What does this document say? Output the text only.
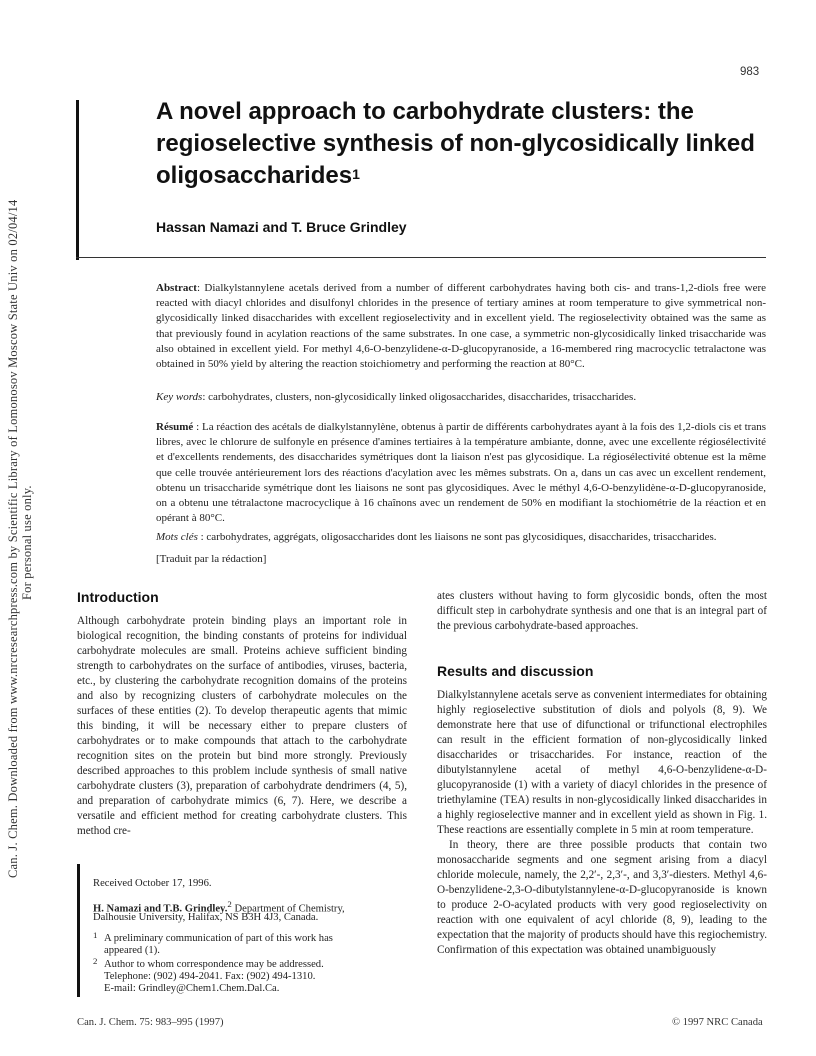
Can. J. Chem. Downloaded from www.nrcresearchpress.com by Scientific Library of Lomonosov Moscow State Univ on 02/04/14 For personal use only.
983
A novel approach to carbohydrate clusters: the regioselective synthesis of non-glycosidically linked oligosaccharides$^1$
Hassan Namazi and T. Bruce Grindley
Abstract: Dialkylstannylene acetals derived from a number of different carbohydrates having both cis- and trans-1,2-diols free were reacted with diacyl chlorides and disulfonyl chlorides in the presence of tertiary amines at room temperature to give symmetrical non-glycosidically linked disaccharides with excellent regioselectivity and in excellent yield. The regioselectivity obtained was the same as that previously found in acylation reactions of the same substrates. In one case, a symmetric non-glycosidically linked trisaccharide was also obtained in excellent yield. For methyl 4,6-O-benzylidene-α-D-glucopyranoside, a 16-membered ring macrocyclic tetralactone was obtained in 50% yield by altering the reaction stoichiometry and performing the reaction at 80°C.
Key words: carbohydrates, clusters, non-glycosidically linked oligosaccharides, disaccharides, trisaccharides.
Résumé : La réaction des acétals de dialkylstannylène, obtenus à partir de différents carbohydrates ayant à la fois des 1,2-diols cis et trans libres, avec le chlorure de sulfonyle en présence d'amines tertiaires à la température ambiante, donne, avec une excellente régiosélectivité et d'excellents rendements, des disaccharides symétriques dont la liaison n'est pas glycosidique. La régiosélectivité obtenue est la même que celle trouvée antérieurement lors des réactions d'acylation avec les mêmes substrats. On a, dans un cas avec un excellent rendement, obtenu un trisaccharide symétrique dont les liaisons ne sont pas glycosidiques. Avec le méthyl 4,6-O-benzylidène-α-D-glucopyranoside, on a obtenu une tétralactone macrocyclique à 16 chaînons avec un rendement de 50% en modifiant la stochiométrie de la réaction et en opérant à 80°C.
Mots clés : carbohydrates, aggrégats, oligosaccharides dont les liaisons ne sont pas glycosidiques, disaccharides, trisaccharides.
[Traduit par la rédaction]
Introduction
Although carbohydrate protein binding plays an important role in biological recognition, the binding constants of proteins for individual carbohydrate molecules are small. Proteins achieve sufficient binding strength to carbohydrates on the surface of antibodies, viruses, bacteria, etc., by clustering the carbohydrate recognition domains of the proteins and also by recognizing clusters of carbohydrate molecules on the surfaces of these entities (2). To develop therapeutic agents that mimic this binding, it will be necessary either to prepare clusters of carbohydrates or to make compounds that attach to the carbohydrate recognition sites on the protein but bind more strongly. Previously described approaches to this problem include synthesis of small native carbohydrate clusters (3), preparation of carbohydrate dendrimers (4, 5), and preparation of carbohydrate mimics (6, 7). Here, we describe a versatile and efficient method for creating carbohydrate clusters. This method cre-
ates clusters without having to form glycosidic bonds, often the most difficult step in carbohydrate synthesis and one that is an integral part of the previous carbohydrate-based approaches.
Results and discussion

Dialkylstannylene acetals serve as convenient intermediates for obtaining highly regioselective substitution of diols and polyols (8, 9). We demonstrate here that use of difunctional or trifunctional electrophiles can result in the efficient formation of non-glycosidically linked disaccharides or trisaccharides. For instance, reaction of the dibutylstannylene acetal of methyl 4,6-O-benzylidene-α-D-glucopyranoside (1) with a variety of diacyl chlorides in the presence of triethylamine (TEA) results in non-glycosidically linked disaccharides in a highly regioselective manner and in excellent yield as shown in Fig. 1. These reactions are essentially complete in 5 min at room temperature.

In theory, there are three possible products that contain two monosaccharide segments and one segment arising from a diacyl chloride molecule, namely, the 2,2′-, 2,3′-, and 3,3′-diesters. Methyl 4,6-O-benzylidene-2,3-O-dibutylstannylene-α-D-glucopyranoside is known to produce 2-O-acylated products with very good regioselectivity on reaction with one equivalent of acyl chloride (8, 9), leading to the expectation that the majority of products should have this regiochemistry. Confirmation of this expectation was obtained unambiguously

Received October 17, 1996.
H. Namazi and T.B. Grindley.$^2$ Department of Chemistry,
Dalhousie University, Halifax, NS B3H 4J3, Canada.
$^1$ A preliminary communication of part of this work has
appeared (1).
$^2$ Author to whom correspondence may be addressed.
Telephone: (902) 494-2041. Fax: (902) 494-1310.
E-mail: Grindley@Chem1.Chem.Dal.Ca.
Can. J. Chem. 75: 983–995 (1997)	© 1997 NRC Canada
